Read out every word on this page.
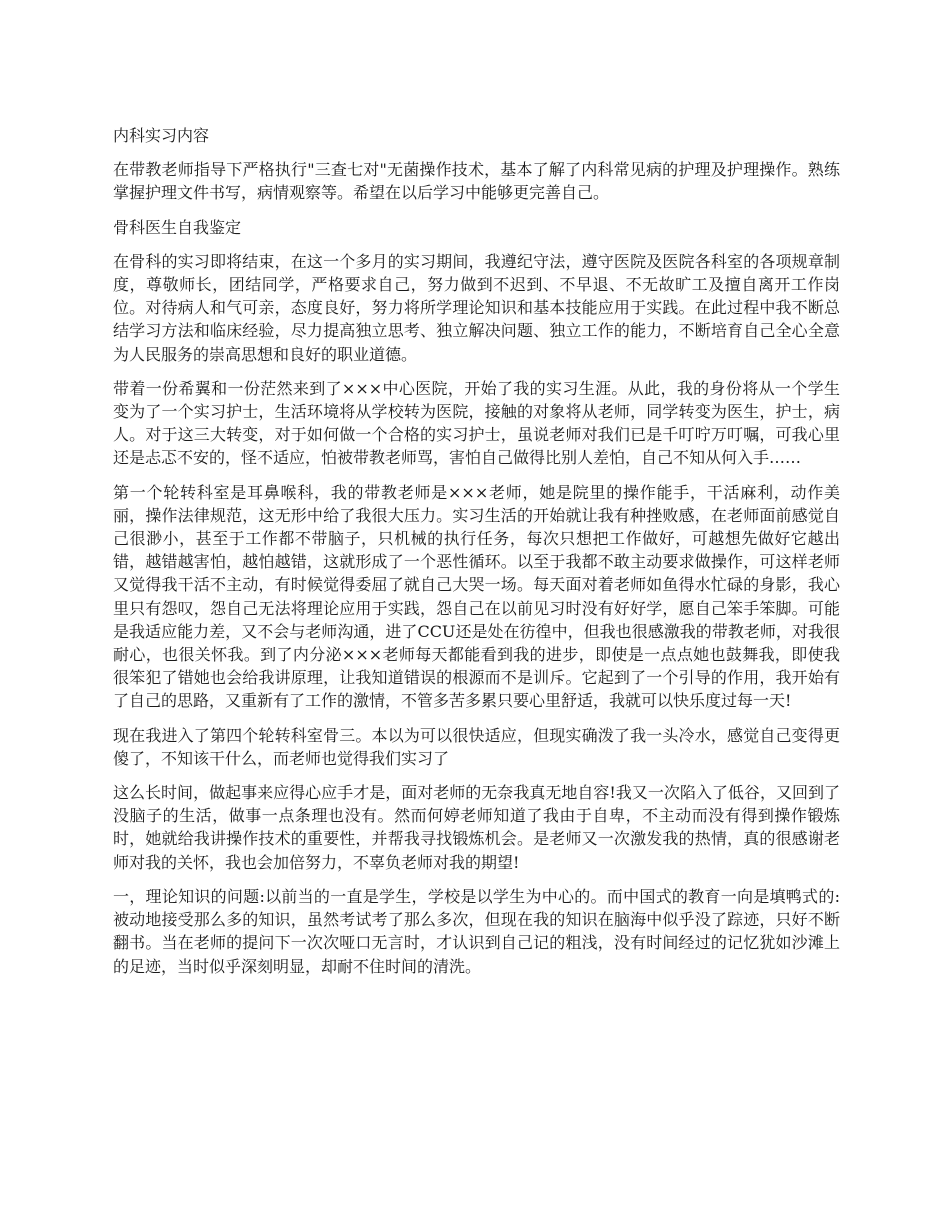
内科实习内容
在带教老师指导下严格执行"三查七对"无菌操作技术，基本了解了内科常见病的护理及护理操作。熟练掌握护理文件书写，病情观察等。希望在以后学习中能够更完善自己。
骨科医生自我鉴定
在骨科的实习即将结束，在这一个多月的实习期间，我遵纪守法，遵守医院及医院各科室的各项规章制度，尊敬师长，团结同学，严格要求自己，努力做到不迟到、不早退、不无故旷工及擅自离开工作岗位。对待病人和气可亲，态度良好，努力将所学理论知识和基本技能应用于实践。在此过程中我不断总结学习方法和临床经验，尽力提高独立思考、独立解决问题、独立工作的能力，不断培育自己全心全意为人民服务的崇高思想和良好的职业道德。
带着一份希翼和一份茫然来到了×××中心医院，开始了我的实习生涯。从此，我的身份将从一个学生变为了一个实习护士，生活环境将从学校转为医院，接触的对象将从老师，同学转变为医生，护士，病人。对于这三大转变，对于如何做一个合格的实习护士，虽说老师对我们已是千叮咛万叮嘱，可我心里还是忐忑不安的，怪不适应，怕被带教老师骂，害怕自己做得比别人差怕，自己不知从何入手……
第一个轮转科室是耳鼻喉科，我的带教老师是×××老师，她是院里的操作能手，干活麻利，动作美丽，操作法律规范，这无形中给了我很大压力。实习生活的开始就让我有种挫败感，在老师面前感觉自己很渺小，甚至于工作都不带脑子，只机械的执行任务，每次只想把工作做好，可越想先做好它越出错，越错越害怕，越怕越错，这就形成了一个恶性循环。以至于我都不敢主动要求做操作，可这样老师又觉得我干活不主动，有时候觉得委屈了就自己大哭一场。每天面对着老师如鱼得水忙碌的身影，我心里只有怨叹，怨自己无法将理论应用于实践，怨自己在以前见习时没有好好学，愿自己笨手笨脚。可能是我适应能力差，又不会与老师沟通，进了CCU还是处在彷徨中，但我也很感激我的带教老师，对我很耐心，也很关怀我。到了内分泌×××老师每天都能看到我的进步，即使是一点点她也鼓舞我，即使我很笨犯了错她也会给我讲原理，让我知道错误的根源而不是训斥。它起到了一个引导的作用，我开始有了自己的思路，又重新有了工作的激情，不管多苦多累只要心里舒适，我就可以快乐度过每一天!
现在我进入了第四个轮转科室骨三。本以为可以很快适应，但现实确泼了我一头冷水，感觉自己变得更傻了，不知该干什么，而老师也觉得我们实习了
这么长时间，做起事来应得心应手才是，面对老师的无奈我真无地自容!我又一次陷入了低谷，又回到了没脑子的生活，做事一点条理也没有。然而何婷老师知道了我由于自卑，不主动而没有得到操作锻炼时，她就给我讲操作技术的重要性，并帮我寻找锻炼机会。是老师又一次激发我的热情，真的很感谢老师对我的关怀，我也会加倍努力，不辜负老师对我的期望!
一，理论知识的问题:以前当的一直是学生，学校是以学生为中心的。而中国式的教育一向是填鸭式的:被动地接受那么多的知识，虽然考试考了那么多次，但现在我的知识在脑海中似乎没了踪迹，只好不断翻书。当在老师的提问下一次次哑口无言时，才认识到自己记的粗浅，没有时间经过的记忆犹如沙滩上的足迹，当时似乎深刻明显，却耐不住时间的清洗。
